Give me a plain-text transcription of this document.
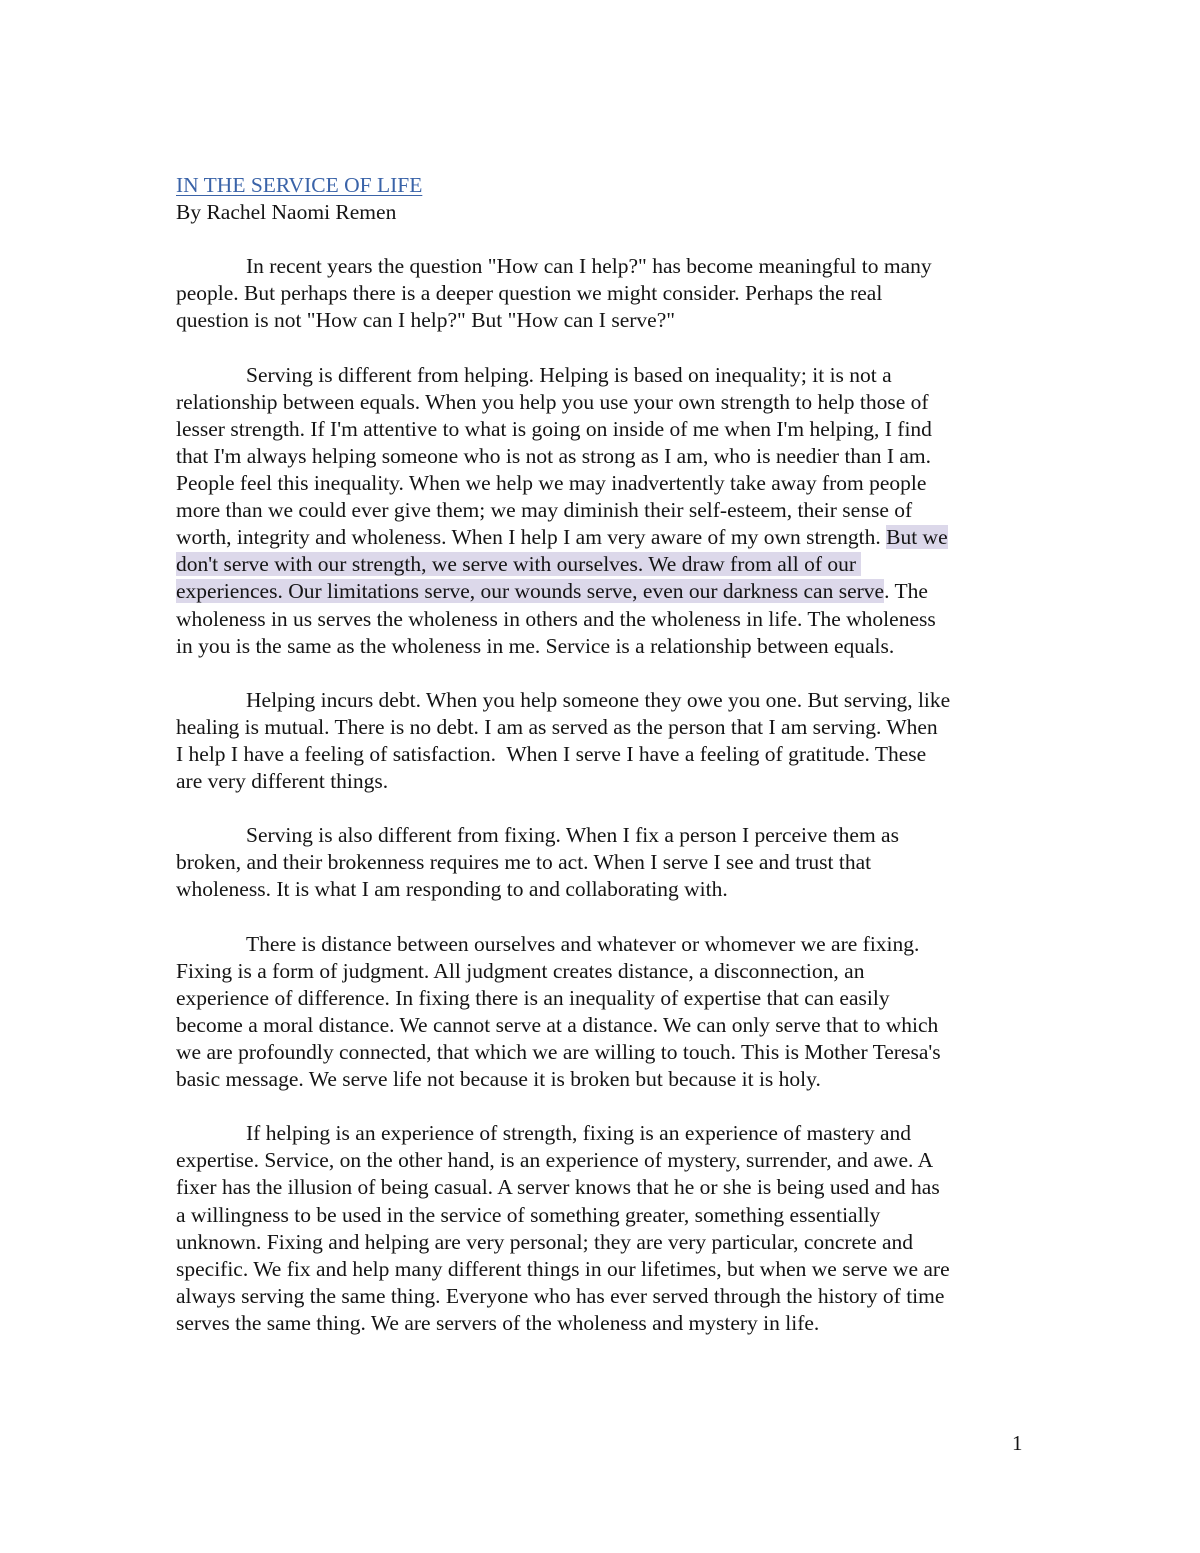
IN THE SERVICE OF LIFE
By Rachel Naomi Remen
In recent years the question "How can I help?" has become meaningful to many
people. But perhaps there is a deeper question we might consider. Perhaps the real
question is not "How can I help?" But "How can I serve?"
Serving is different from helping. Helping is based on inequality; it is not a
relationship between equals. When you help you use your own strength to help those of
lesser strength. If I'm attentive to what is going on inside of me when I'm helping, I find
that I'm always helping someone who is not as strong as I am, who is needier than I am.
People feel this inequality. When we help we may inadvertently take away from people
more than we could ever give them; we may diminish their self-esteem, their sense of
worth, integrity and wholeness. When I help I am very aware of my own strength. But we
don't serve with our strength, we serve with ourselves. We draw from all of our
experiences. Our limitations serve, our wounds serve, even our darkness can serve. The
wholeness in us serves the wholeness in others and the wholeness in life. The wholeness
in you is the same as the wholeness in me. Service is a relationship between equals.
Helping incurs debt. When you help someone they owe you one. But serving, like
healing is mutual. There is no debt. I am as served as the person that I am serving. When
I help I have a feeling of satisfaction.  When I serve I have a feeling of gratitude. These
are very different things.
Serving is also different from fixing. When I fix a person I perceive them as
broken, and their brokenness requires me to act. When I serve I see and trust that
wholeness. It is what I am responding to and collaborating with.
There is distance between ourselves and whatever or whomever we are fixing.
Fixing is a form of judgment. All judgment creates distance, a disconnection, an
experience of difference. In fixing there is an inequality of expertise that can easily
become a moral distance. We cannot serve at a distance. We can only serve that to which
we are profoundly connected, that which we are willing to touch. This is Mother Teresa's
basic message. We serve life not because it is broken but because it is holy.
If helping is an experience of strength, fixing is an experience of mastery and
expertise. Service, on the other hand, is an experience of mystery, surrender, and awe. A
fixer has the illusion of being casual. A server knows that he or she is being used and has
a willingness to be used in the service of something greater, something essentially
unknown. Fixing and helping are very personal; they are very particular, concrete and
specific. We fix and help many different things in our lifetimes, but when we serve we are
always serving the same thing. Everyone who has ever served through the history of time
serves the same thing. We are servers of the wholeness and mystery in life.
1
